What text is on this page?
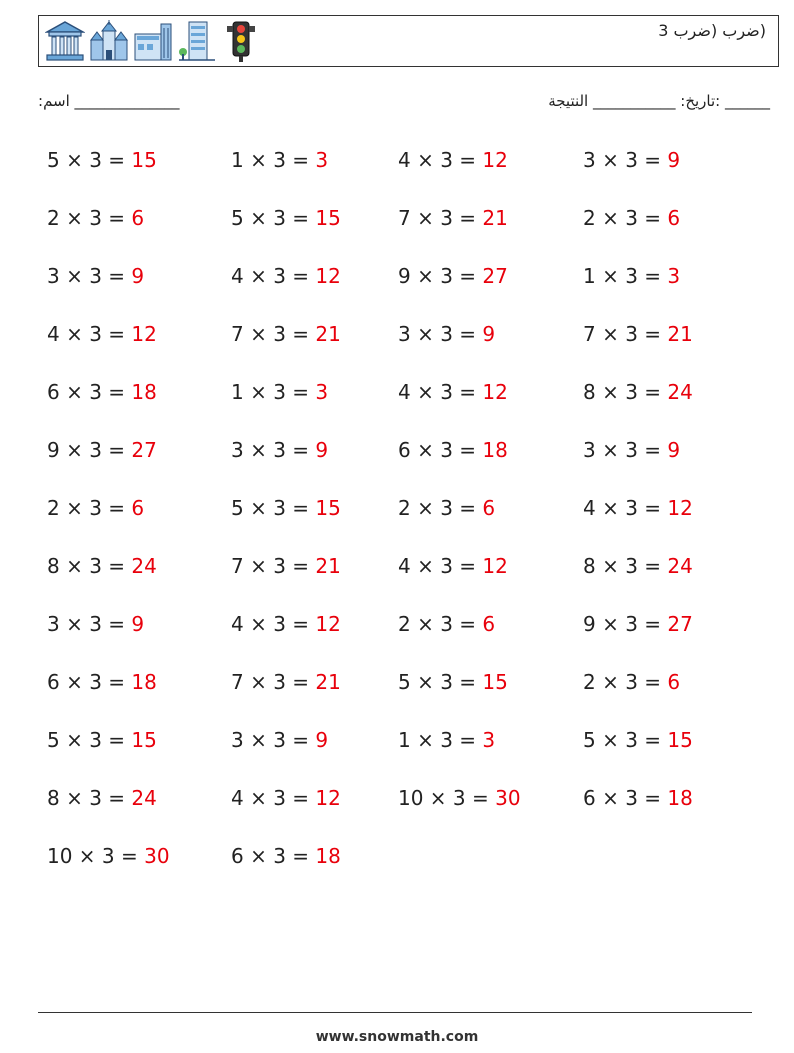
(ضرب (ضرب 3
:اسم ______________	______ :تاريخ: ___________ النتيجة
5 × 3 = 15	1 × 3 = 3	4 × 3 = 12	3 × 3 = 9
2 × 3 = 6	5 × 3 = 15	7 × 3 = 21	2 × 3 = 6
3 × 3 = 9	4 × 3 = 12	9 × 3 = 27	1 × 3 = 3
4 × 3 = 12	7 × 3 = 21	3 × 3 = 9	7 × 3 = 21
6 × 3 = 18	1 × 3 = 3	4 × 3 = 12	8 × 3 = 24
9 × 3 = 27	3 × 3 = 9	6 × 3 = 18	3 × 3 = 9
2 × 3 = 6	5 × 3 = 15	2 × 3 = 6	4 × 3 = 12
8 × 3 = 24	7 × 3 = 21	4 × 3 = 12	8 × 3 = 24
3 × 3 = 9	4 × 3 = 12	2 × 3 = 6	9 × 3 = 27
6 × 3 = 18	7 × 3 = 21	5 × 3 = 15	2 × 3 = 6
5 × 3 = 15	3 × 3 = 9	1 × 3 = 3	5 × 3 = 15
8 × 3 = 24	4 × 3 = 12	10 × 3 = 30	6 × 3 = 18
10 × 3 = 30	6 × 3 = 18
www.snowmath.com
